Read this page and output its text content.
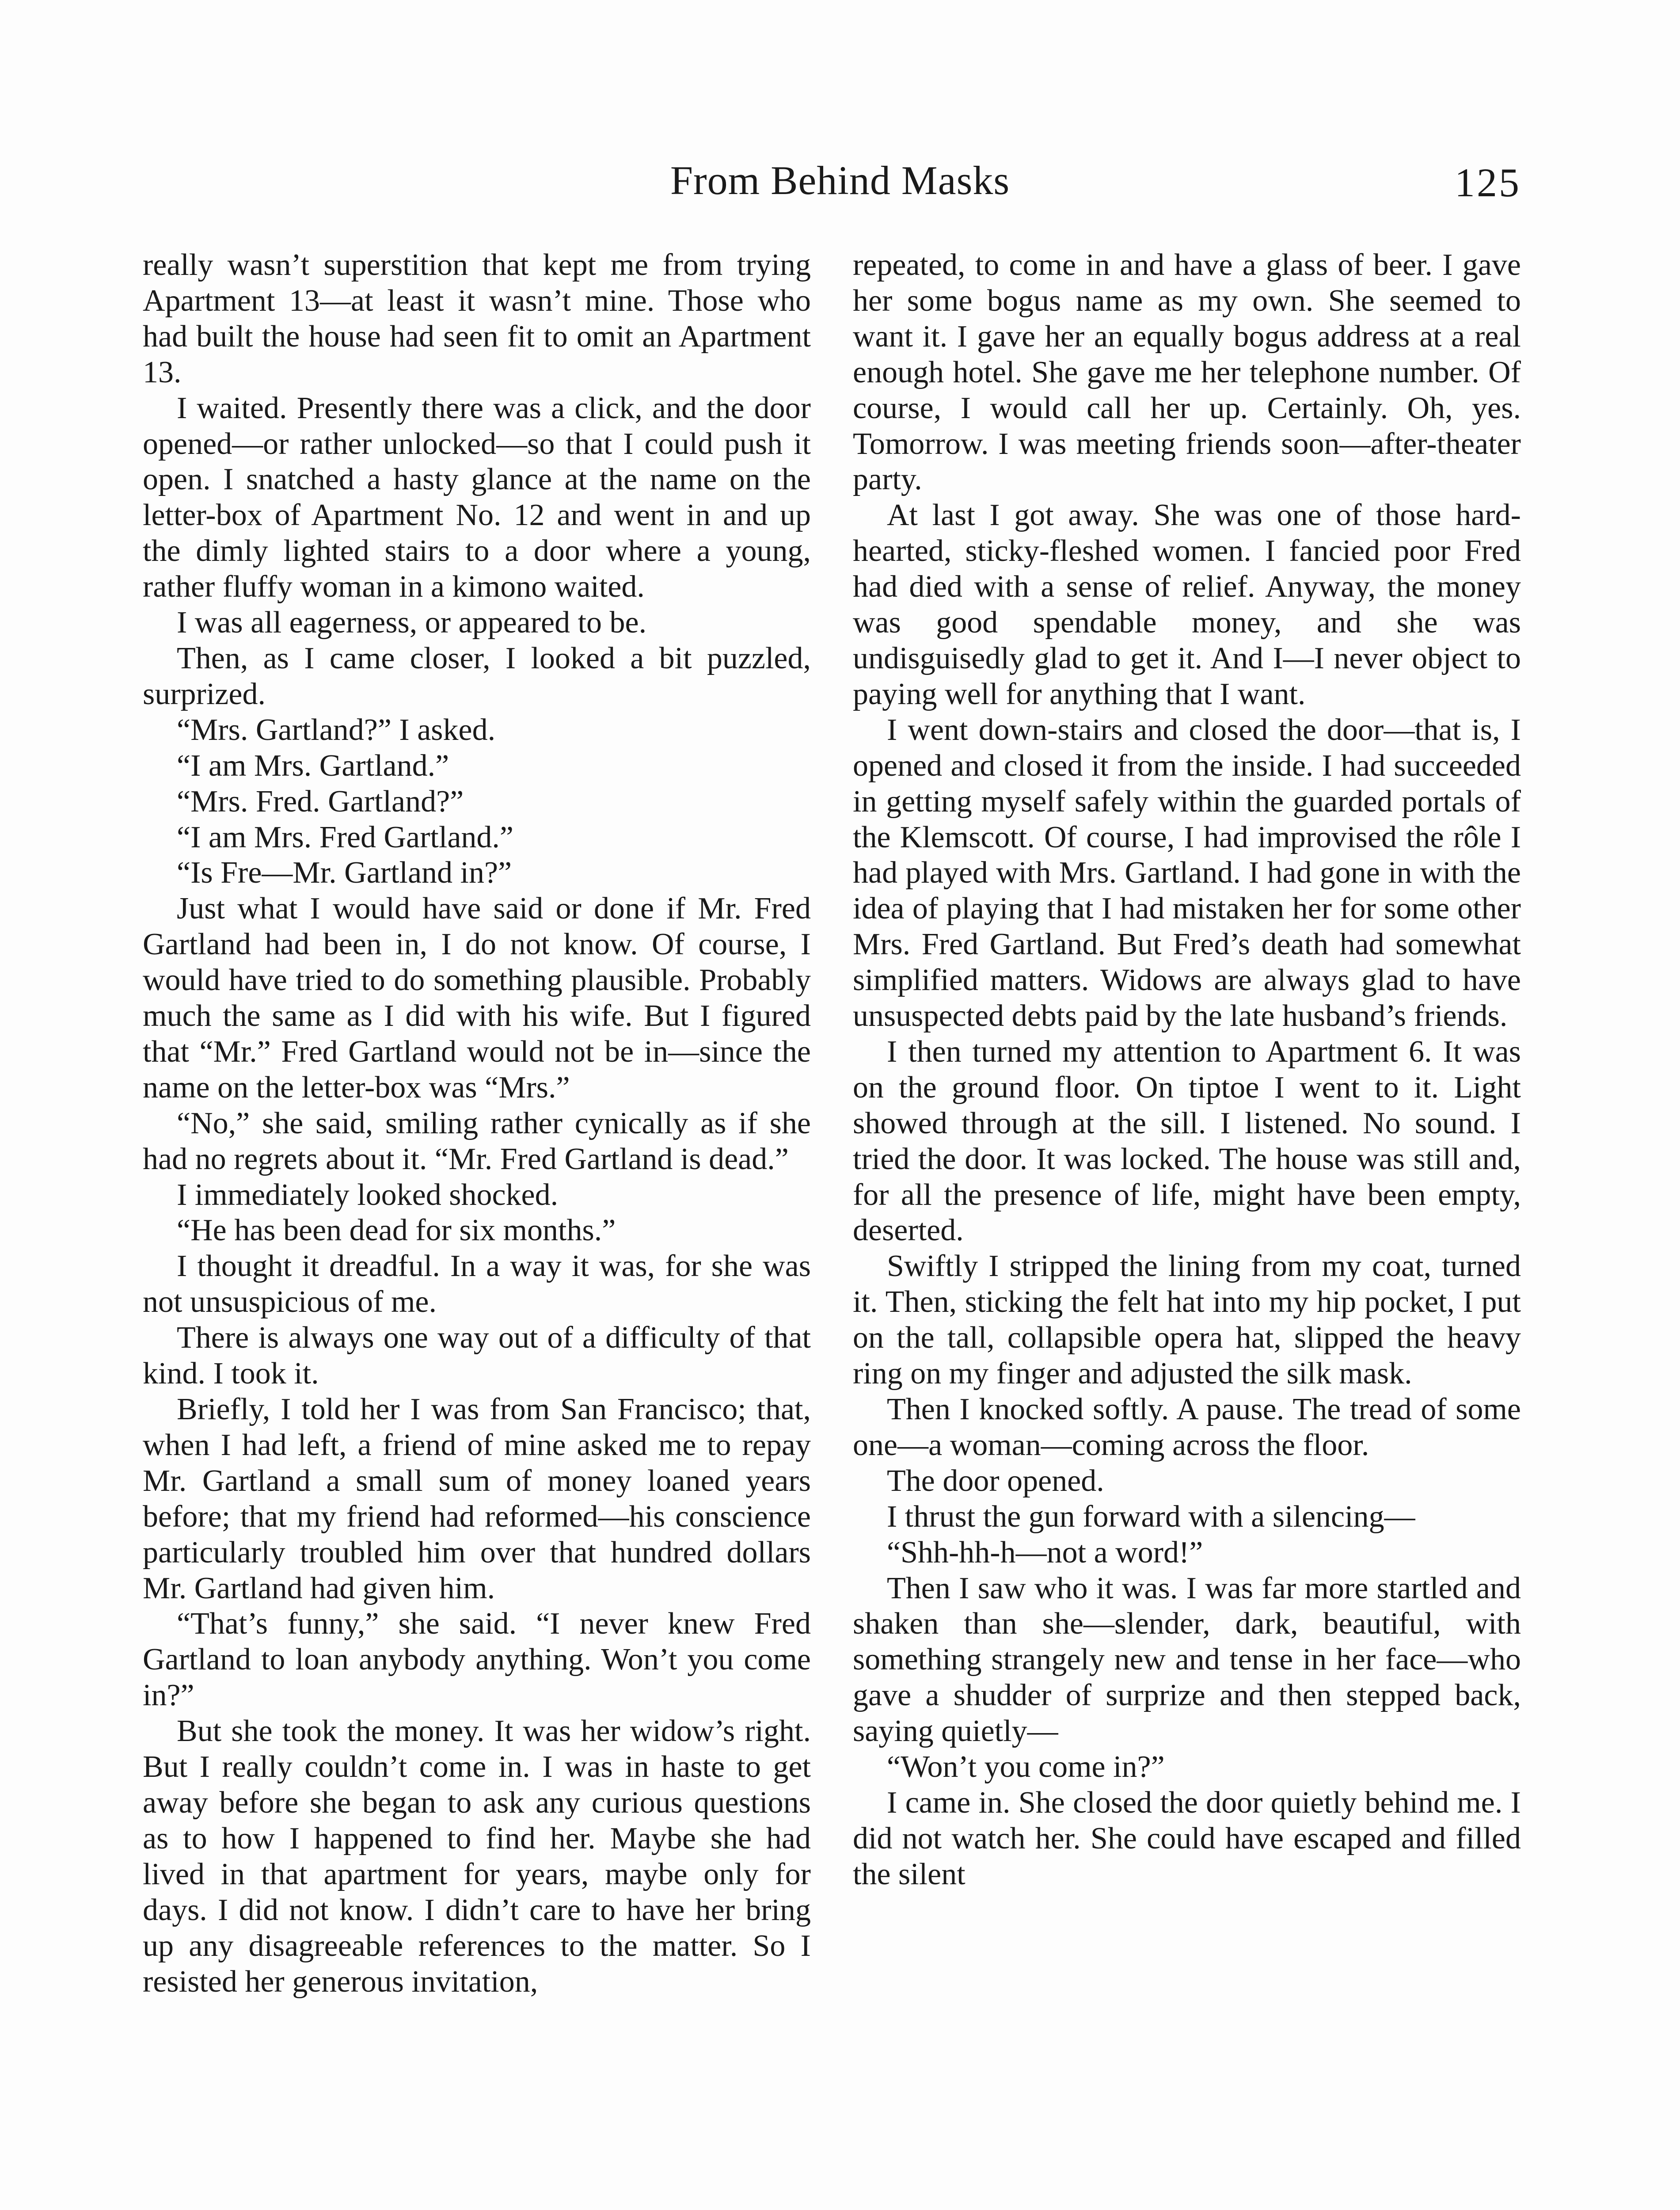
From Behind Masks	125

really wasn’t superstition that kept me from trying Apartment 13—at least it wasn’t mine. Those who had built the house had seen fit to omit an Apartment 13.

I waited. Presently there was a click, and the door opened—or rather unlocked—so that I could push it open. I snatched a hasty glance at the name on the letter-box of Apartment No. 12 and went in and up the dimly lighted stairs to a door where a young, rather fluffy woman in a kimono waited.

I was all eagerness, or appeared to be.

Then, as I came closer, I looked a bit puzzled, surprized.

“Mrs. Gartland?” I asked.

“I am Mrs. Gartland.”

“Mrs. Fred. Gartland?”

“I am Mrs. Fred Gartland.”

“Is Fre—Mr. Gartland in?”

Just what I would have said or done if Mr. Fred Gartland had been in, I do not know. Of course, I would have tried to do something plausible. Probably much the same as I did with his wife. But I figured that “Mr.” Fred Gartland would not be in—since the name on the letter-box was “Mrs.”

“No,” she said, smiling rather cynically as if she had no regrets about it. “Mr. Fred Gartland is dead.”

I immediately looked shocked.

“He has been dead for six months.”

I thought it dreadful. In a way it was, for she was not unsuspicious of me.

There is always one way out of a difficulty of that kind. I took it.

Briefly, I told her I was from San Francisco; that, when I had left, a friend of mine asked me to repay Mr. Gartland a small sum of money loaned years before; that my friend had reformed—his conscience particularly troubled him over that hundred dollars Mr. Gartland had given him.

“That’s funny,” she said. “I never knew Fred Gartland to loan anybody anything. Won’t you come in?”

But she took the money. It was her widow’s right. But I really couldn’t come in. I was in haste to get away before she began to ask any curious questions as to how I happened to find her. Maybe she had lived in that apartment for years, maybe only for days. I did not know. I didn’t care to have her bring up any disagreeable references to the matter. So I resisted her generous invitation,

repeated, to come in and have a glass of beer. I gave her some bogus name as my own. She seemed to want it. I gave her an equally bogus address at a real enough hotel. She gave me her telephone number. Of course, I would call her up. Certainly. Oh, yes. Tomorrow. I was meeting friends soon—after-theater party.

At last I got away. She was one of those hard-hearted, sticky-fleshed women. I fancied poor Fred had died with a sense of relief. Anyway, the money was good spendable money, and she was undisguisedly glad to get it. And I—I never object to paying well for anything that I want.

I went down-stairs and closed the door—that is, I opened and closed it from the inside. I had succeeded in getting myself safely within the guarded portals of the Klemscott. Of course, I had improvised the rôle I had played with Mrs. Gartland. I had gone in with the idea of playing that I had mistaken her for some other Mrs. Fred Gartland. But Fred’s death had somewhat simplified matters. Widows are always glad to have unsuspected debts paid by the late husband’s friends.

I then turned my attention to Apartment 6. It was on the ground floor. On tiptoe I went to it. Light showed through at the sill. I listened. No sound. I tried the door. It was locked. The house was still and, for all the presence of life, might have been empty, deserted.

Swiftly I stripped the lining from my coat, turned it. Then, sticking the felt hat into my hip pocket, I put on the tall, collapsible opera hat, slipped the heavy ring on my finger and adjusted the silk mask.

Then I knocked softly. A pause. The tread of some one—a woman—coming across the floor.

The door opened.

I thrust the gun forward with a silencing—

“Shh-hh-h—not a word!”

Then I saw who it was. I was far more startled and shaken than she—slender, dark, beautiful, with something strangely new and tense in her face—who gave a shudder of surprize and then stepped back, saying quietly—

“Won’t you come in?”

I came in. She closed the door quietly behind me. I did not watch her. She could have escaped and filled the silent
